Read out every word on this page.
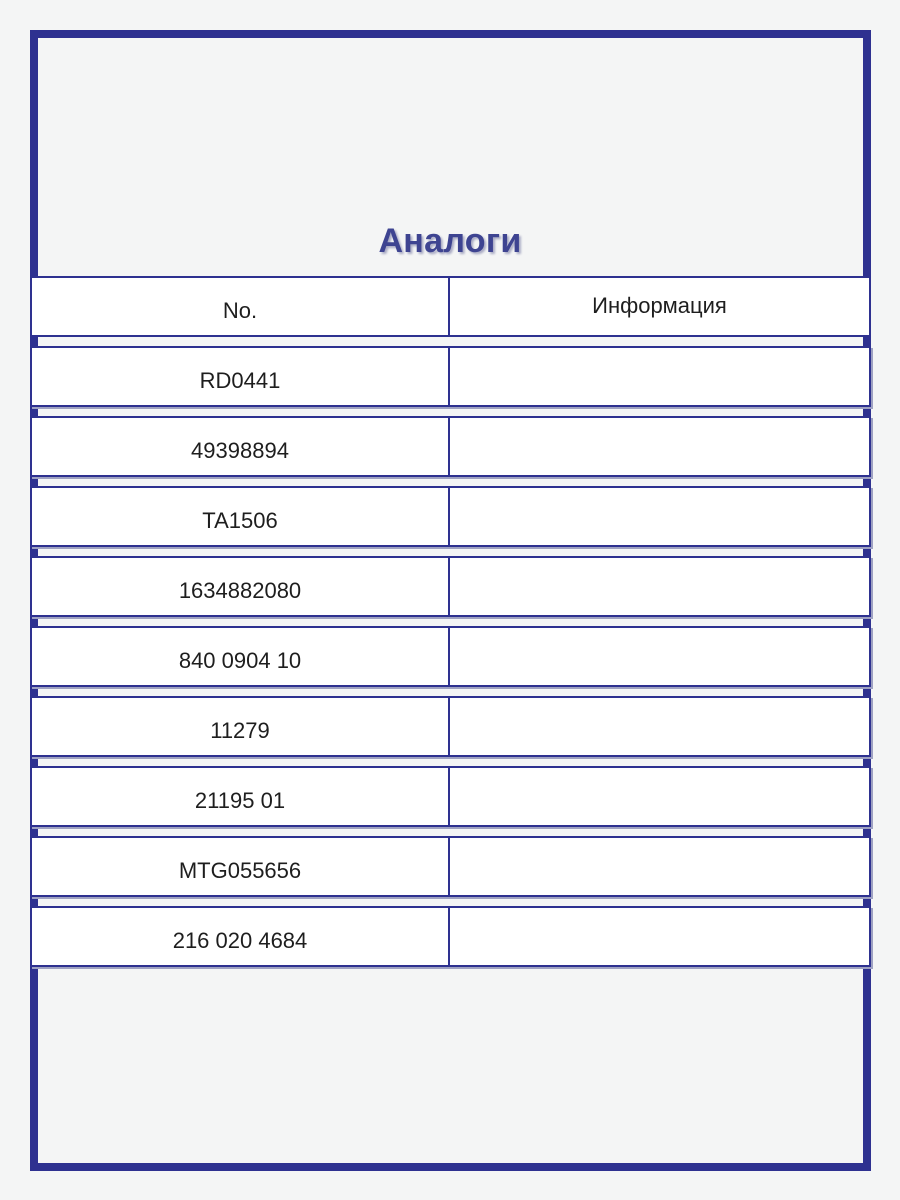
Аналоги
No.	Информация
RD0441
49398894
TA1506
1634882080
840 0904 10
11279
21195 01
MTG055656
216 020 4684
